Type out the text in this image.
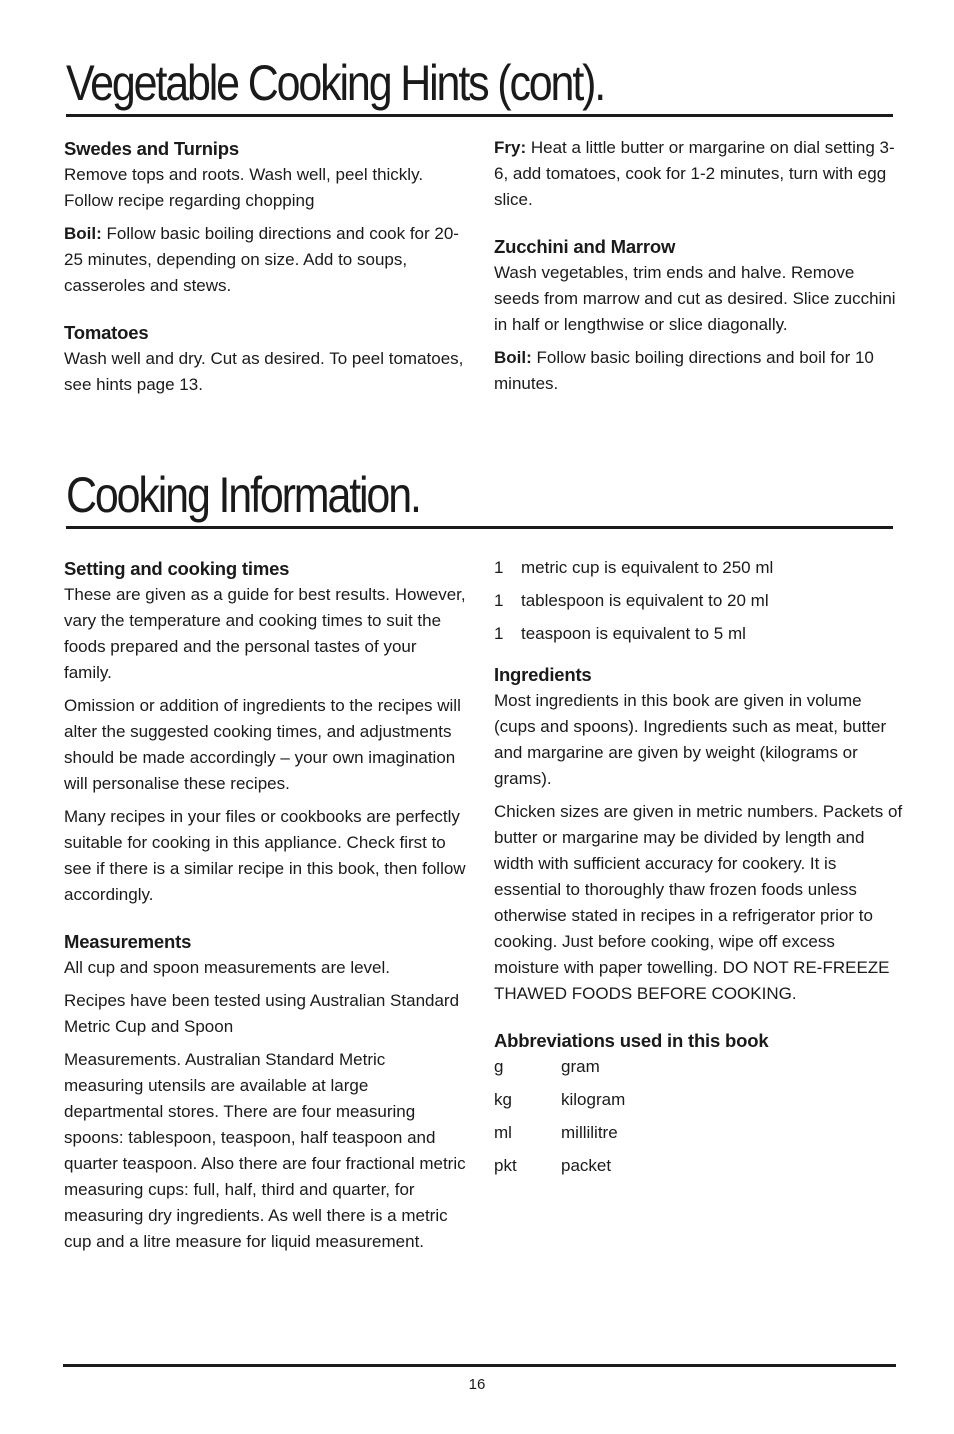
Vegetable Cooking Hints (cont).
Swedes and Turnips

Remove tops and roots. Wash well, peel thickly. Follow recipe regarding chopping

Boil: Follow basic boiling directions and cook for 20-25 minutes, depending on size. Add to soups, casseroles and stews.

Tomatoes

Wash well and dry. Cut as desired. To peel tomatoes, see hints page 13.

Fry: Heat a little butter or margarine on dial setting 3-6, add tomatoes, cook for 1-2 minutes, turn with egg slice.

Zucchini and Marrow

Wash vegetables, trim ends and halve. Remove seeds from marrow and cut as desired. Slice zucchini in half or lengthwise or slice diagonally.

Boil: Follow basic boiling directions and boil for 10 minutes.

Cooking Information.
Setting and cooking times

These are given as a guide for best results. However, vary the temperature and cooking times to suit the foods prepared and the personal tastes of your family.

Omission or addition of ingredients to the recipes will alter the suggested cooking times, and adjustments should be made accordingly – your own imagination will personalise these recipes.

Many recipes in your files or cookbooks are perfectly suitable for cooking in this appliance. Check first to see if there is a similar recipe in this book, then follow accordingly.

Measurements

All cup and spoon measurements are level.

Recipes have been tested using Australian Standard Metric Cup and Spoon

Measurements. Australian Standard Metric measuring utensils are available at large departmental stores. There are four measuring spoons: tablespoon, teaspoon, half teaspoon and quarter teaspoon. Also there are four fractional metric measuring cups: full, half, third and quarter, for measuring dry ingredients. As well there is a metric cup and a litre measure for liquid measurement.

1	metric cup is equivalent to 250 ml
1	tablespoon is equivalent to 20 ml
1	teaspoon is equivalent to 5 ml
Ingredients

Most ingredients in this book are given in volume (cups and spoons). Ingredients such as meat, butter and margarine are given by weight (kilograms or grams).

Chicken sizes are given in metric numbers. Packets of butter or margarine may be divided by length and width with sufficient accuracy for cookery. It is essential to thoroughly thaw frozen foods unless otherwise stated in recipes in a refrigerator prior to cooking. Just before cooking, wipe off excess moisture with paper towelling. DO NOT RE-FREEZE THAWED FOODS BEFORE COOKING.

Abbreviations used in this book
g	gram
kg	kilogram
ml	millilitre
pkt	packet
16
